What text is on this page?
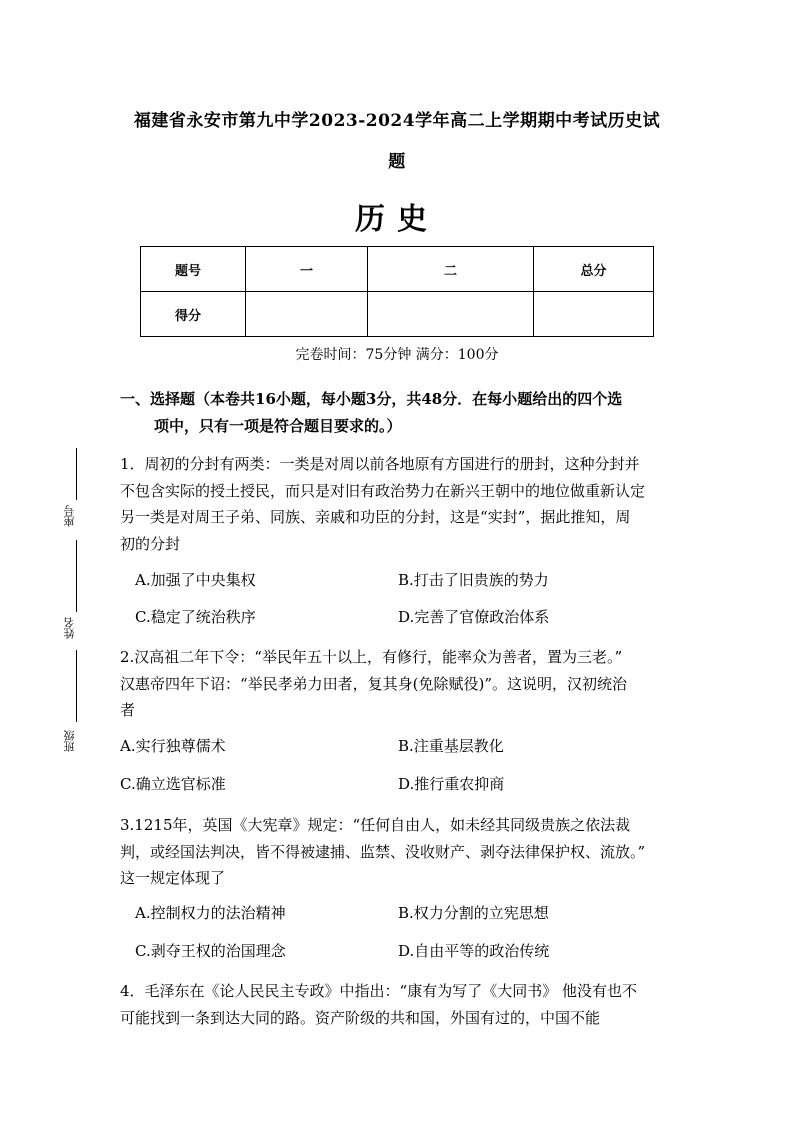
福建省永安市第九中学2023-2024学年高二上学期期中考试历史试
题
历史
题号	一	二	总分
得分			
完卷时间：75分钟 满分：100分
座号
姓名
班级
一、选择题（本卷共16小题，每小题3分，共48分．在每小题给出的四个选
项中，只有一项是符合题目要求的。）
1．周初的分封有两类：一类是对周以前各地原有方国进行的册封，这种分封并
不包含实际的授土授民，而只是对旧有政治势力在新兴王朝中的地位做重新认定
另一类是对周王子弟、同族、亲戚和功臣的分封，这是“实封”，据此推知，周
初的分封
A.加强了中央集权	B.打击了旧贵族的势力
C.稳定了统治秩序	D.完善了官僚政治体系
2.汉高祖二年下令：“举民年五十以上，有修行，能率众为善者，置为三老。”
汉惠帝四年下诏：“举民孝弟力田者，复其身(免除赋役)”。这说明，汉初统治
者
A.实行独尊儒术	B.注重基层教化
C.确立选官标准	D.推行重农抑商
3.1215年，英国《大宪章》规定：“任何自由人，如未经其同级贵族之依法裁
判，或经国法判决，皆不得被逮捕、监禁、没收财产、剥夺法律保护权、流放。”
这一规定体现了
A.控制权力的法治精神	B.权力分割的立宪思想
C.剥夺王权的治国理念	D.自由平等的政治传统
4．毛泽东在《论人民民主专政》中指出：“康有为写了《大同书》 他没有也不
可能找到一条到达大同的路。资产阶级的共和国，外国有过的，中国不能
